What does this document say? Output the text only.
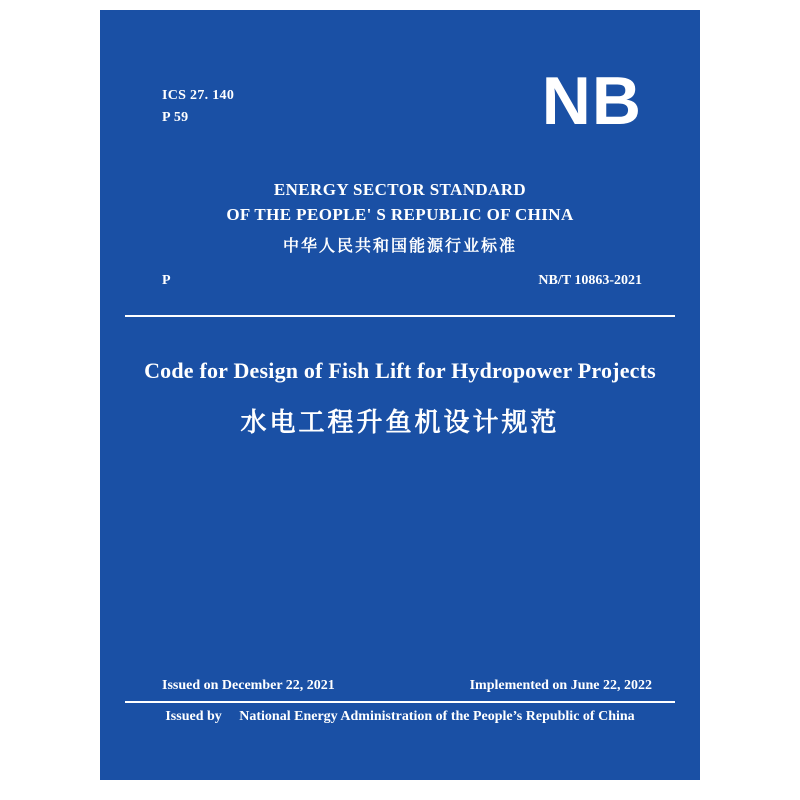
ICS 27. 140
P 59	NB
ENERGY SECTOR STANDARD
OF THE PEOPLE' S REPUBLIC OF CHINA
中华人民共和国能源行业标准
P	NB/T 10863-2021
Code for Design of Fish Lift for Hydropower Projects
水电工程升鱼机设计规范
Issued on December 22, 2021	Implemented on June 22, 2022
Issued by National Energy Administration of the People’s Republic of China
